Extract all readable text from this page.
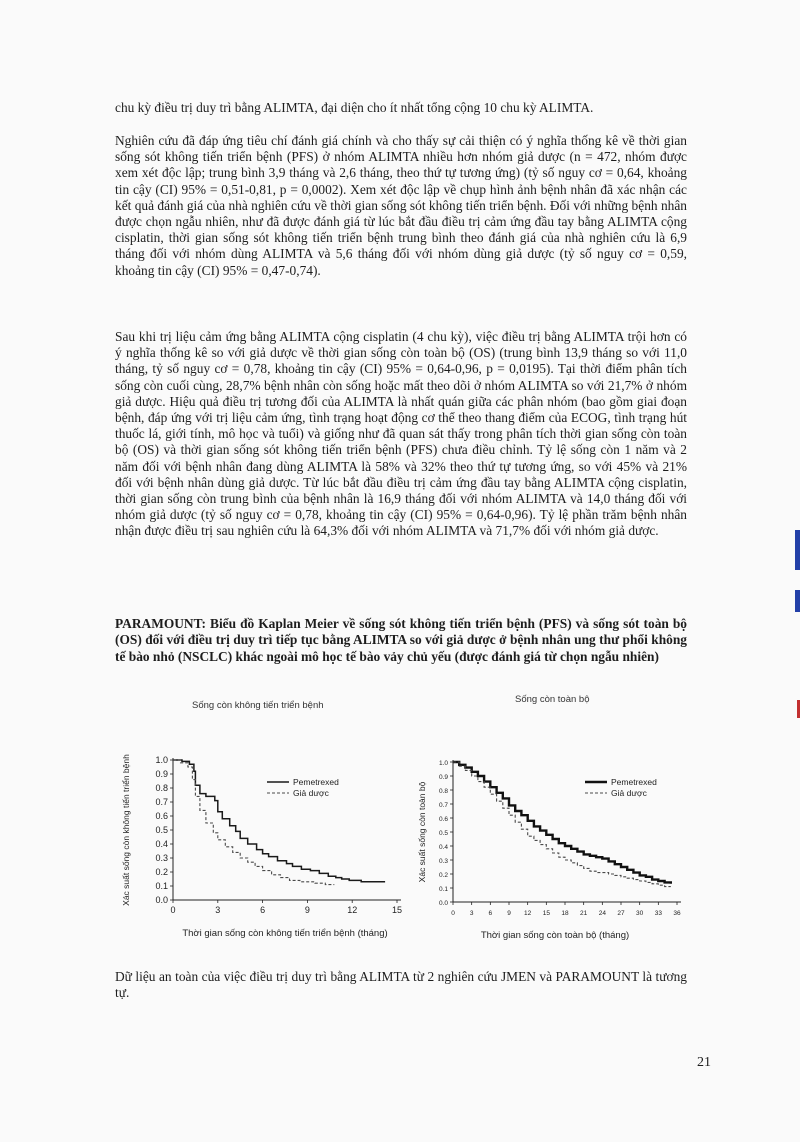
chu kỳ điều trị duy trì bằng ALIMTA, đại diện cho ít nhất tổng cộng 10 chu kỳ ALIMTA.

Nghiên cứu đã đáp ứng tiêu chí đánh giá chính và cho thấy sự cải thiện có ý nghĩa thống kê về thời gian sống sót không tiến triển bệnh (PFS) ở nhóm ALIMTA nhiều hơn nhóm giả dược (n = 472, nhóm được xem xét độc lập; trung bình 3,9 tháng và 2,6 tháng, theo thứ tự tương ứng) (tỷ số nguy cơ = 0,64, khoảng tin cậy (CI) 95% = 0,51-0,81, p = 0,0002). Xem xét độc lập về chụp hình ảnh bệnh nhân đã xác nhận các kết quả đánh giá của nhà nghiên cứu về thời gian sống sót không tiến triển bệnh. Đối với những bệnh nhân được chọn ngẫu nhiên, như đã được đánh giá từ lúc bắt đầu điều trị cảm ứng đầu tay bằng ALIMTA cộng cisplatin, thời gian sống sót không tiến triển bệnh trung bình theo đánh giá của nhà nghiên cứu là 6,9 tháng đối với nhóm dùng ALIMTA và 5,6 tháng đối với nhóm dùng giả dược (tỷ số nguy cơ = 0,59, khoảng tin cậy (CI) 95% = 0,47-0,74).

Sau khi trị liệu cảm ứng bằng ALIMTA cộng cisplatin (4 chu kỳ), việc điều trị bằng ALIMTA trội hơn có ý nghĩa thống kê so với giả dược về thời gian sống còn toàn bộ (OS) (trung bình 13,9 tháng so với 11,0 tháng, tỷ số nguy cơ = 0,78, khoảng tin cậy (CI) 95% = 0,64-0,96, p = 0,0195). Tại thời điểm phân tích sống còn cuối cùng, 28,7% bệnh nhân còn sống hoặc mất theo dõi ở nhóm ALIMTA so với 21,7% ở nhóm giả dược. Hiệu quả điều trị tương đối của ALIMTA là nhất quán giữa các phân nhóm (bao gồm giai đoạn bệnh, đáp ứng với trị liệu cảm ứng, tình trạng hoạt động cơ thể theo thang điểm của ECOG, tình trạng hút thuốc lá, giới tính, mô học và tuổi) và giống như đã quan sát thấy trong phân tích thời gian sống còn toàn bộ (OS) và thời gian sống sót không tiến triển bệnh (PFS) chưa điều chỉnh. Tỷ lệ sống còn 1 năm và 2 năm đối với bệnh nhân đang dùng ALIMTA là 58% và 32% theo thứ tự tương ứng, so với 45% và 21% đối với bệnh nhân dùng giả dược. Từ lúc bắt đầu điều trị cảm ứng đầu tay bằng ALIMTA cộng cisplatin, thời gian sống còn trung bình của bệnh nhân là 16,9 tháng đối với nhóm ALIMTA và 14,0 tháng đối với nhóm giả dược (tỷ số nguy cơ = 0,78, khoảng tin cậy (CI) 95% = 0,64-0,96). Tỷ lệ phần trăm bệnh nhân nhận được điều trị sau nghiên cứu là 64,3% đối với nhóm ALIMTA và 71,7% đối với nhóm giả dược.

PARAMOUNT: Biểu đồ Kaplan Meier về sống sót không tiến triển bệnh (PFS) và sống sót toàn bộ (OS) đối với điều trị duy trì tiếp tục bằng ALIMTA so với giả dược ở bệnh nhân ung thư phổi không tế bào nhỏ (NSCLC) khác ngoài mô học tế bào vảy chủ yếu (được đánh giá từ chọn ngẫu nhiên)

Sống còn không tiến triển bệnh
0.0
0.1
0.2
0.3
0.4
0.5
0.6
0.7
0.8
0.9
1.0
0	3	6	9	12	15
Xác suất sống còn không tiến triển bệnh
Thời gian sống còn không tiến triển bệnh (tháng)
Pemetrexed
Giả dược
Sống còn toàn bộ
0.0
0.1
0.2
0.3
0.4
0.5
0.6
0.7
0.8
0.9
1.0
0 3 6 9 12 15 18 21 24 27 30 33 36
Xác suất sống còn toàn bộ
Thời gian sống còn toàn bộ (tháng)
Pemetrexed
Giả dược

Dữ liệu an toàn của việc điều trị duy trì bằng ALIMTA từ 2 nghiên cứu JMEN và PARAMOUNT là tương tự.

21
